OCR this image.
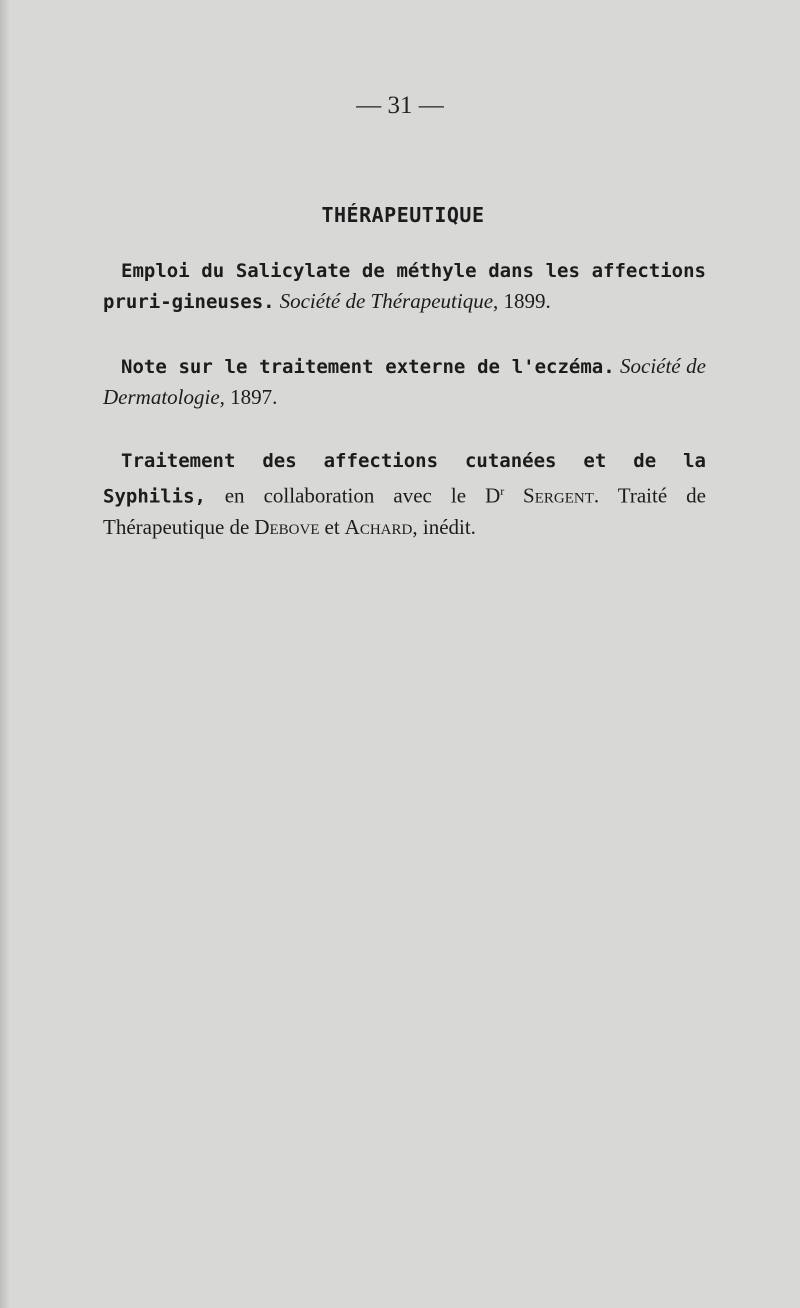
— 31 —
THÉRAPEUTIQUE
Emploi du Salicylate de méthyle dans les affections pruri-gineuses. Société de Thérapeutique, 1899.
Note sur le traitement externe de l'eczéma. Société de Dermatologie, 1897.
Traitement des affections cutanées et de la Syphilis, en collaboration avec le $D^r$ Sergent. Traité de Thérapeutique de Debove et Achard, inédit.
